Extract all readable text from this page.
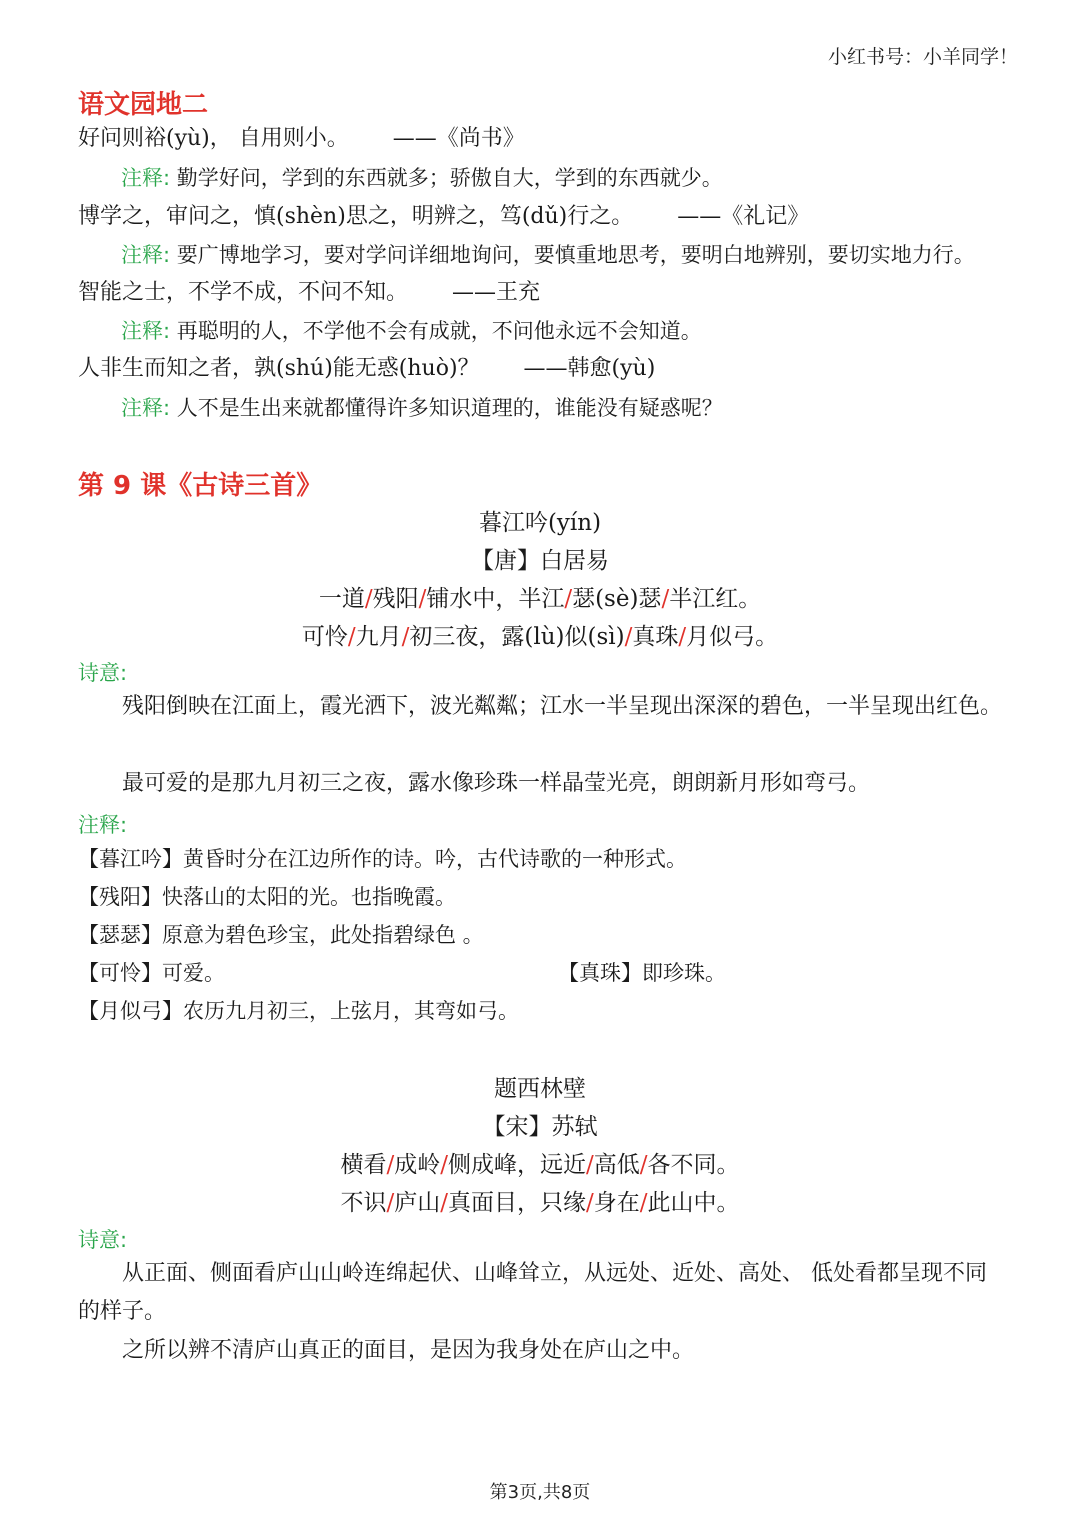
小红书号：小羊同学！
语文园地二
好问则裕(yù)， 自用则小。 ——《尚书》
注释: 勤学好问，学到的东西就多；骄傲自大，学到的东西就少。
博学之，审问之，慎(shèn)思之，明辨之，笃(dǔ)行之。 ——《礼记》
注释: 要广博地学习，要对学问详细地询问，要慎重地思考，要明白地辨别，要切实地力行。
智能之士，不学不成，不问不知。 ——王充
注释: 再聪明的人，不学他不会有成就，不问他永远不会知道。
人非生而知之者，孰(shú)能无惑(huò)？ ——韩愈(yù)
注释: 人不是生出来就都懂得许多知识道理的，谁能没有疑惑呢？
第 9 课《古诗三首》
暮江吟(yín)
【唐】白居易
一道/残阳/铺水中，半江/瑟(sè)瑟/半江红。
可怜/九月/初三夜，露(lù)似(sì)/真珠/月似弓。
诗意:
残阳倒映在江面上，霞光洒下，波光粼粼；江水一半呈现出深深的碧色，一半呈现出红色。
最可爱的是那九月初三之夜，露水像珍珠一样晶莹光亮，朗朗新月形如弯弓。
注释:
【暮江吟】黄昏时分在江边所作的诗。吟，古代诗歌的一种形式。
【残阳】快落山的太阳的光。也指晚霞。
【瑟瑟】原意为碧色珍宝，此处指碧绿色 。
【可怜】可爱。	【真珠】即珍珠。
【月似弓】农历九月初三，上弦月，其弯如弓。
题西林壁
【宋】苏轼
横看/成岭/侧成峰，远近/高低/各不同。
不识/庐山/真面目，只缘/身在/此山中。
诗意:
从正面、侧面看庐山山岭连绵起伏、山峰耸立，从远处、近处、高处、 低处看都呈现不同的样子。
之所以辨不清庐山真正的面目，是因为我身处在庐山之中。
第3页,共8页
